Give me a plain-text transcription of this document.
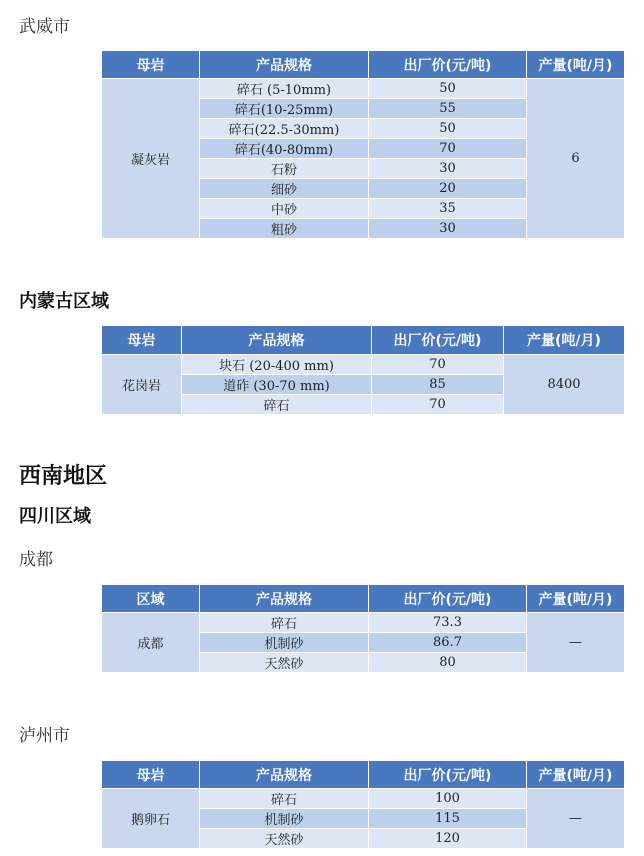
武威市
母岩	产品规格	出厂价(元/吨)	产量(吨/月)
凝灰岩	碎石 (5-10mm)	50	6
	碎石(10-25mm)	55	
	碎石(22.5-30mm)	50	
	碎石(40-80mm)	70	
	石粉	30	
	细砂	20	
	中砂	35	
	粗砂	30	
内蒙古区域
母岩	产品规格	出厂价(元/吨)	产量(吨/月)
花岗岩	块石 (20-400 mm)	70	8400
	道砟 (30-70 mm)	85	
	碎石	70	
西南地区
四川区域
成都
区域	产品规格	出厂价(元/吨)	产量(吨/月)
成都	碎石	73.3	—
	机制砂	86.7	
	天然砂	80	
泸州市
母岩	产品规格	出厂价(元/吨)	产量(吨/月)
鹅卵石	碎石	100	—
	机制砂	115	
	天然砂	120	
